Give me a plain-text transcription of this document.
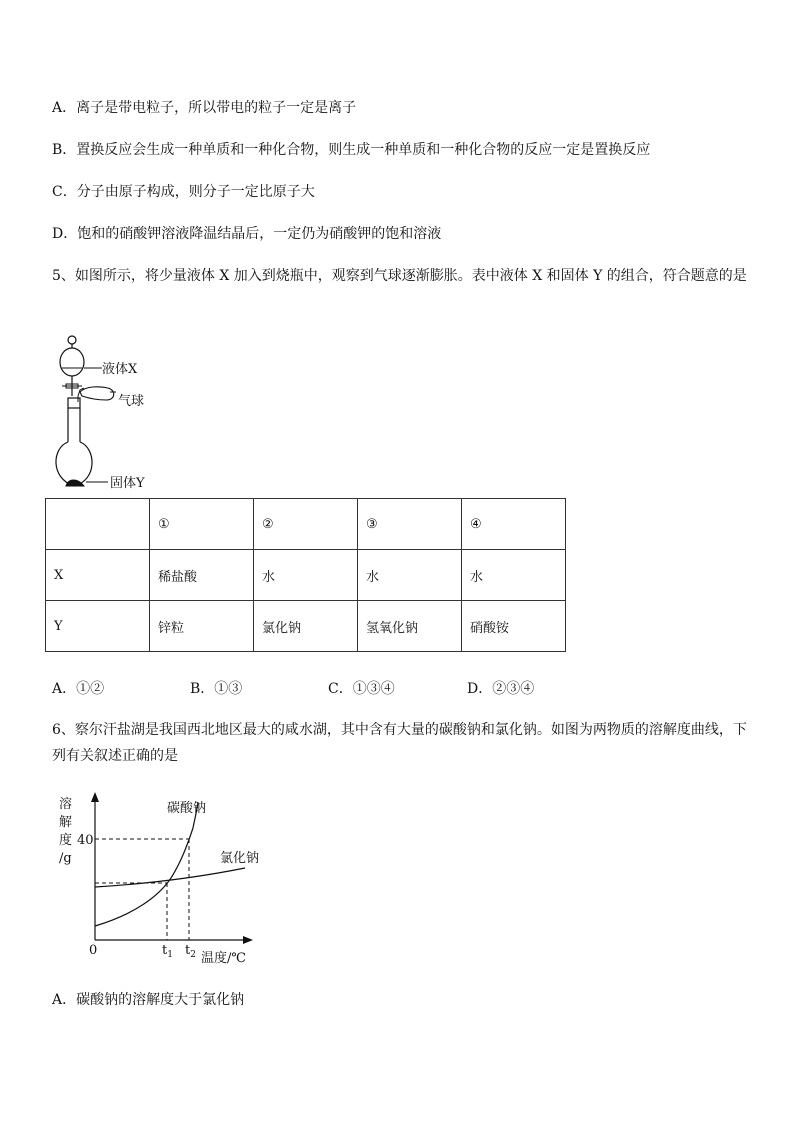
A．离子是带电粒子，所以带电的粒子一定是离子
B．置换反应会生成一种单质和一种化合物，则生成一种单质和一种化合物的反应一定是置换反应
C．分子由原子构成，则分子一定比原子大
D．饱和的硝酸钾溶液降温结晶后，一定仍为硝酸钾的饱和溶液
5、如图所示，将少量液体 X 加入到烧瓶中，观察到气球逐渐膨胀。表中液体 X 和固体 Y 的组合，符合题意的是
液体X
气球
固体Y
	①	②	③	④
X	稀盐酸	水	水	水
Y	锌粒	氯化钠	氢氧化钠	硝酸铵
A．①②	B．①③	C．①③④	D．②③④
6、察尔汗盐湖是我国西北地区最大的咸水湖，其中含有大量的碳酸钠和氯化钠。如图为两物质的溶解度曲线，下列有关叙述正确的是
溶
解
度
/g
40
碳酸钠
氯化钠
0	$t_1$ $t_2$ 温度/℃
A．碳酸钠的溶解度大于氯化钠
